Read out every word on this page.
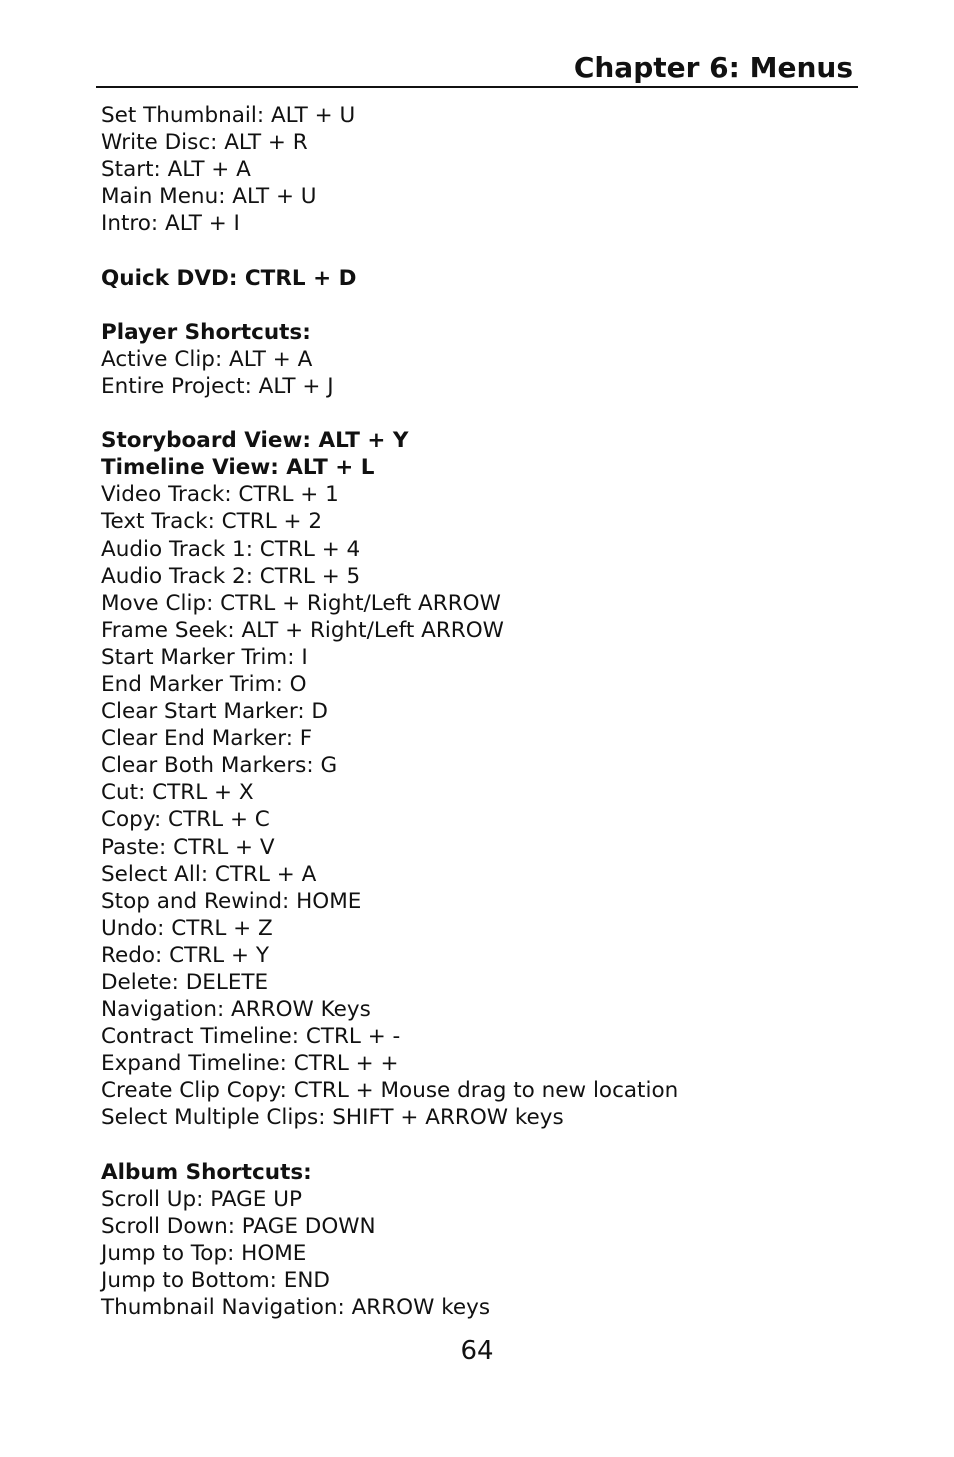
Chapter 6: Menus
Set Thumbnail: ALT + U
Write Disc: ALT + R
Start: ALT + A
Main Menu: ALT + U
Intro: ALT + I
Quick DVD: CTRL + D
Player Shortcuts:
Active Clip: ALT + A
Entire Project: ALT + J
Storyboard View: ALT + Y
Timeline View: ALT + L
Video Track: CTRL + 1
Text Track: CTRL + 2
Audio Track 1: CTRL + 4
Audio Track 2: CTRL + 5
Move Clip: CTRL + Right/Left ARROW
Frame Seek: ALT + Right/Left ARROW
Start Marker Trim: I
End Marker Trim: O
Clear Start Marker: D
Clear End Marker: F
Clear Both Markers: G
Cut: CTRL + X
Copy: CTRL + C
Paste: CTRL + V
Select All: CTRL + A
Stop and Rewind: HOME
Undo: CTRL + Z
Redo: CTRL + Y
Delete: DELETE
Navigation: ARROW Keys
Contract Timeline: CTRL + -
Expand Timeline: CTRL + +
Create Clip Copy: CTRL + Mouse drag to new location
Select Multiple Clips: SHIFT + ARROW keys
Album Shortcuts:
Scroll Up: PAGE UP
Scroll Down: PAGE DOWN
Jump to Top: HOME
Jump to Bottom: END
Thumbnail Navigation: ARROW keys
64
